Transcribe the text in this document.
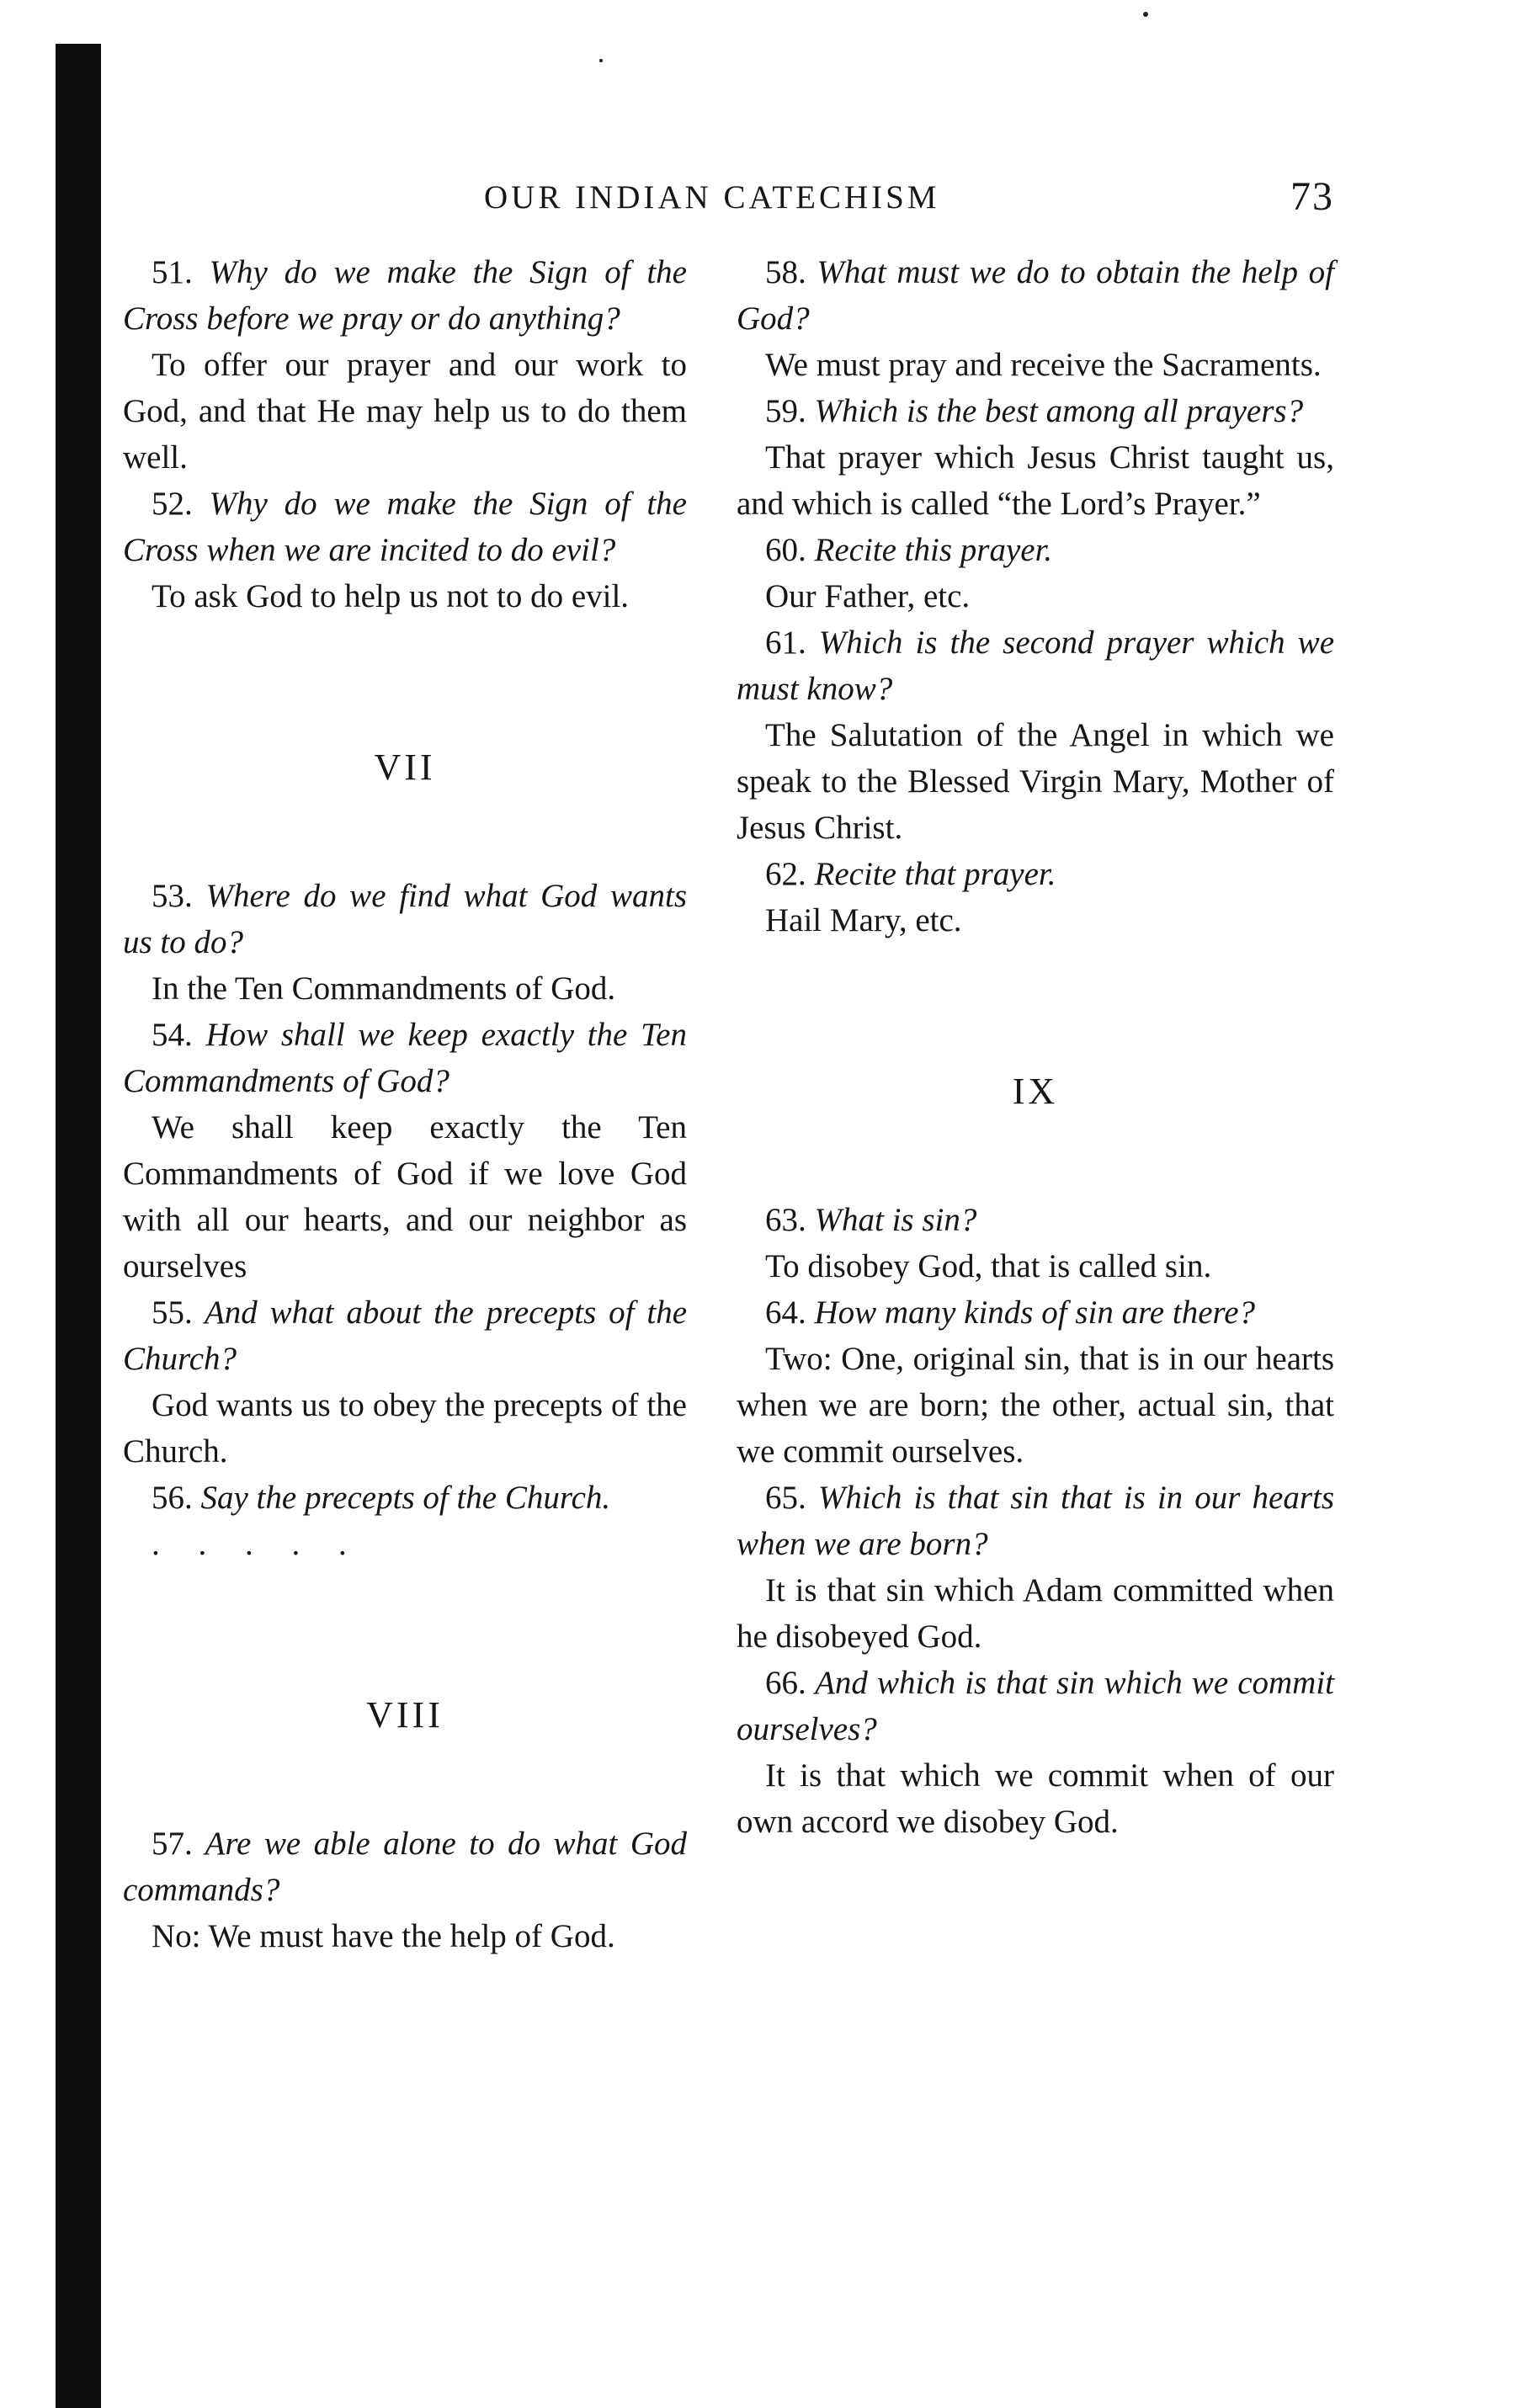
OUR INDIAN CATECHISM	73

51. Why do we make the Sign of the Cross before we pray or do anything?

To offer our prayer and our work to God, and that He may help us to do them well.

52. Why do we make the Sign of the Cross when we are incited to do evil?

To ask God to help us not to do evil.

VII

53. Where do we find what God wants us to do?

In the Ten Commandments of God.

54. How shall we keep exactly the Ten Commandments of God?

We shall keep exactly the Ten Commandments of God if we love God with all our hearts, and our neighbor as ourselves

55. And what about the precepts of the Church?

God wants us to obey the precepts of the Church.

56. Say the precepts of the Church.

. . . . .
VIII

57. Are we able alone to do what God commands?

No: We must have the help of God.

58. What must we do to obtain the help of God?

We must pray and receive the Sacraments.

59. Which is the best among all prayers?

That prayer which Jesus Christ taught us, and which is called “the Lord’s Prayer.”

60. Recite this prayer.

Our Father, etc.

61. Which is the second prayer which we must know?

The Salutation of the Angel in which we speak to the Blessed Virgin Mary, Mother of Jesus Christ.

62. Recite that prayer.

Hail Mary, etc.

IX

63. What is sin?

To disobey God, that is called sin.

64. How many kinds of sin are there?

Two: One, original sin, that is in our hearts when we are born; the other, actual sin, that we commit ourselves.

65. Which is that sin that is in our hearts when we are born?

It is that sin which Adam committed when he disobeyed God.

66. And which is that sin which we commit ourselves?

It is that which we commit when of our own accord we disobey God.
